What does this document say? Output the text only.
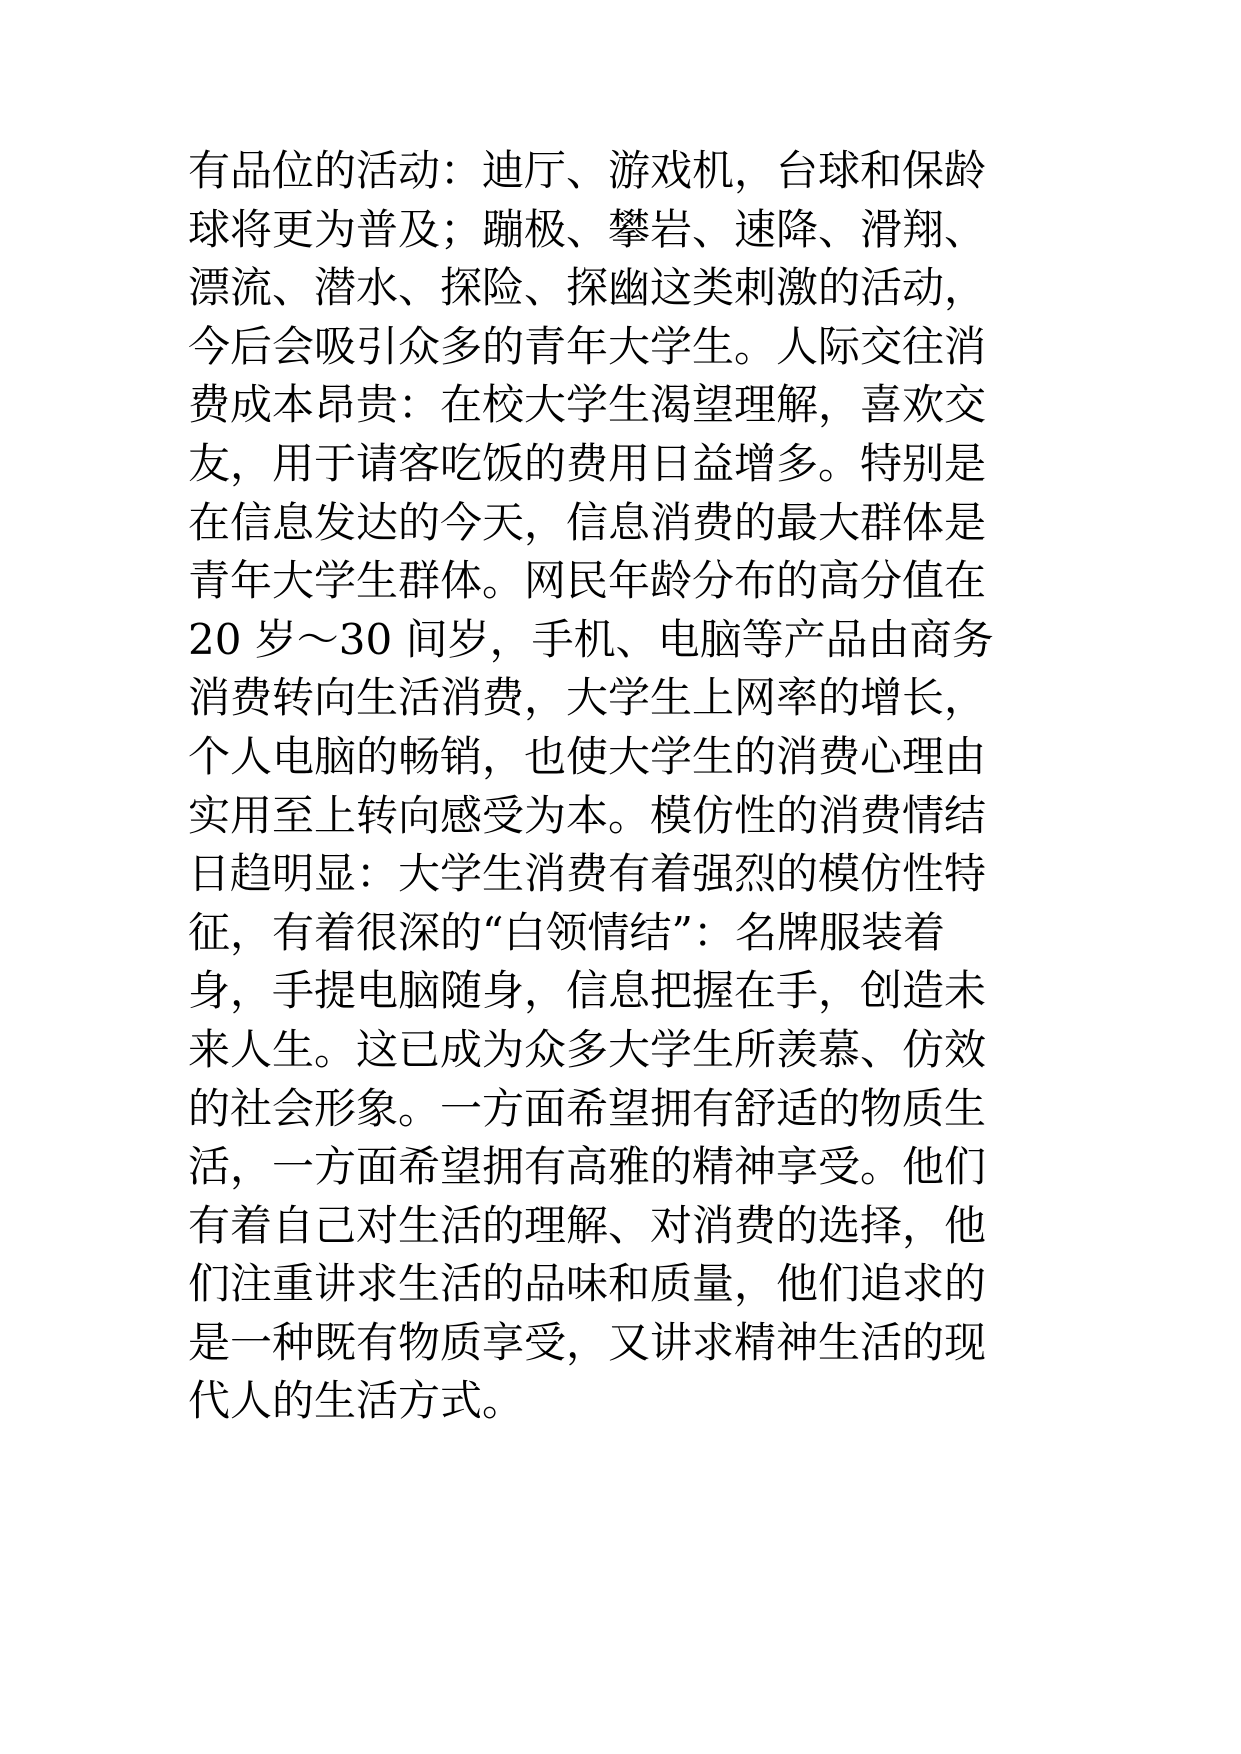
有品位的活动：迪厅、游戏机，台球和保龄
球将更为普及；蹦极、攀岩、速降、滑翔、
漂流、潜水、探险、探幽这类刺激的活动，
今后会吸引众多的青年大学生。人际交往消
费成本昂贵：在校大学生渴望理解，喜欢交
友，用于请客吃饭的费用日益增多。特别是
在信息发达的今天，信息消费的最大群体是
青年大学生群体。网民年龄分布的高分值在
20 岁～30 间岁，手机、电脑等产品由商务
消费转向生活消费，大学生上网率的增长，
个人电脑的畅销，也使大学生的消费心理由
实用至上转向感受为本。模仿性的消费情结
日趋明显：大学生消费有着强烈的模仿性特
征，有着很深的“白领情结”：名牌服装着
身，手提电脑随身，信息把握在手，创造未
来人生。这已成为众多大学生所羡慕、仿效
的社会形象。一方面希望拥有舒适的物质生
活，一方面希望拥有高雅的精神享受。他们
有着自己对生活的理解、对消费的选择，他
们注重讲求生活的品味和质量，他们追求的
是一种既有物质享受，又讲求精神生活的现
代人的生活方式。
